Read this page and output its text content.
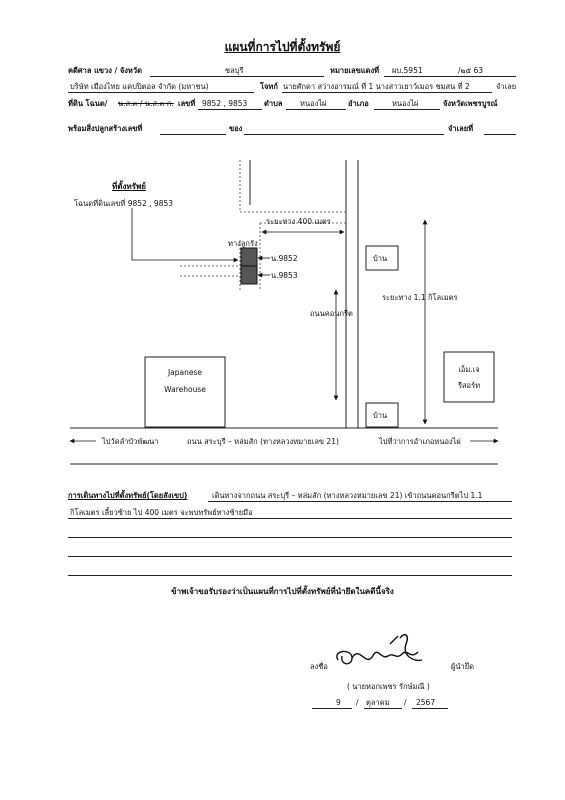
แผนที่การไปที่ตั้งทรัพย์
คดีศาล แขวง / จังหวัด	ชลบุรี	หมายเลขแดงที่ ผบ.5951	/๒๕ 63
บริษัท เมืองไทย แคปปิตอล จำกัด (มหาชน)	โจทก์ นายศักดา สว่างอารมณ์ ที่ 1 นางสาวเยาว์เมอร ชมสน ที่ 2	จำเลย
ที่ดิน โฉนด/ น.ส.๓ / น.ส.๓ ก. เลขที่ 9852 , 9853 ตำบล หนองไผ่	อำเภอ	หนองไผ่	จังหวัดเพชรบูรณ์
พร้อมสิ่งปลูกสร้างเลขที่	ของ	จำเลยที่
ที่ตั้งทรัพย์
โฉนดที่ดินเลขที่ 9852 , 9853
ระยะทาง 400 เมตร
ทางลูกรัง
น.9852
น.9853
บ้าน
บ้าน
ถนนคอนกรีต
ระยะทาง 1.1 กิโลเมตร
Japanese
Warehouse
เอ็ม.เจ
รีสอร์ท
ไปวัดลำบัวพัฒนา	ถนน สระบุรี – หล่มสัก (ทางหลวงหมายเลข 21)	ไปที่ว่าการอำเภอหนองไผ่
การเดินทางไปที่ตั้งทรัพย์(โดยสังเขป)	เดินทางจากถนน สระบุรี – หล่มสัก (ทางหลวงหมายเลข 21) เข้าถนนคอนกรีตไป 1.1
กิโลเมตร เลี้ยวซ้าย ไป 400 เมตร จะพบทรัพย์ทางซ้ายมือ
ข้าพเจ้าขอรับรองว่าเป็นแผนที่การไปที่ตั้งทรัพย์ที่นำยึดในคดีนี้จริง
ลงชื่อ	ผู้นำยึด
( นายหอกเพชร รักษ์มณี )
9 / ตุลาคม / 2567
